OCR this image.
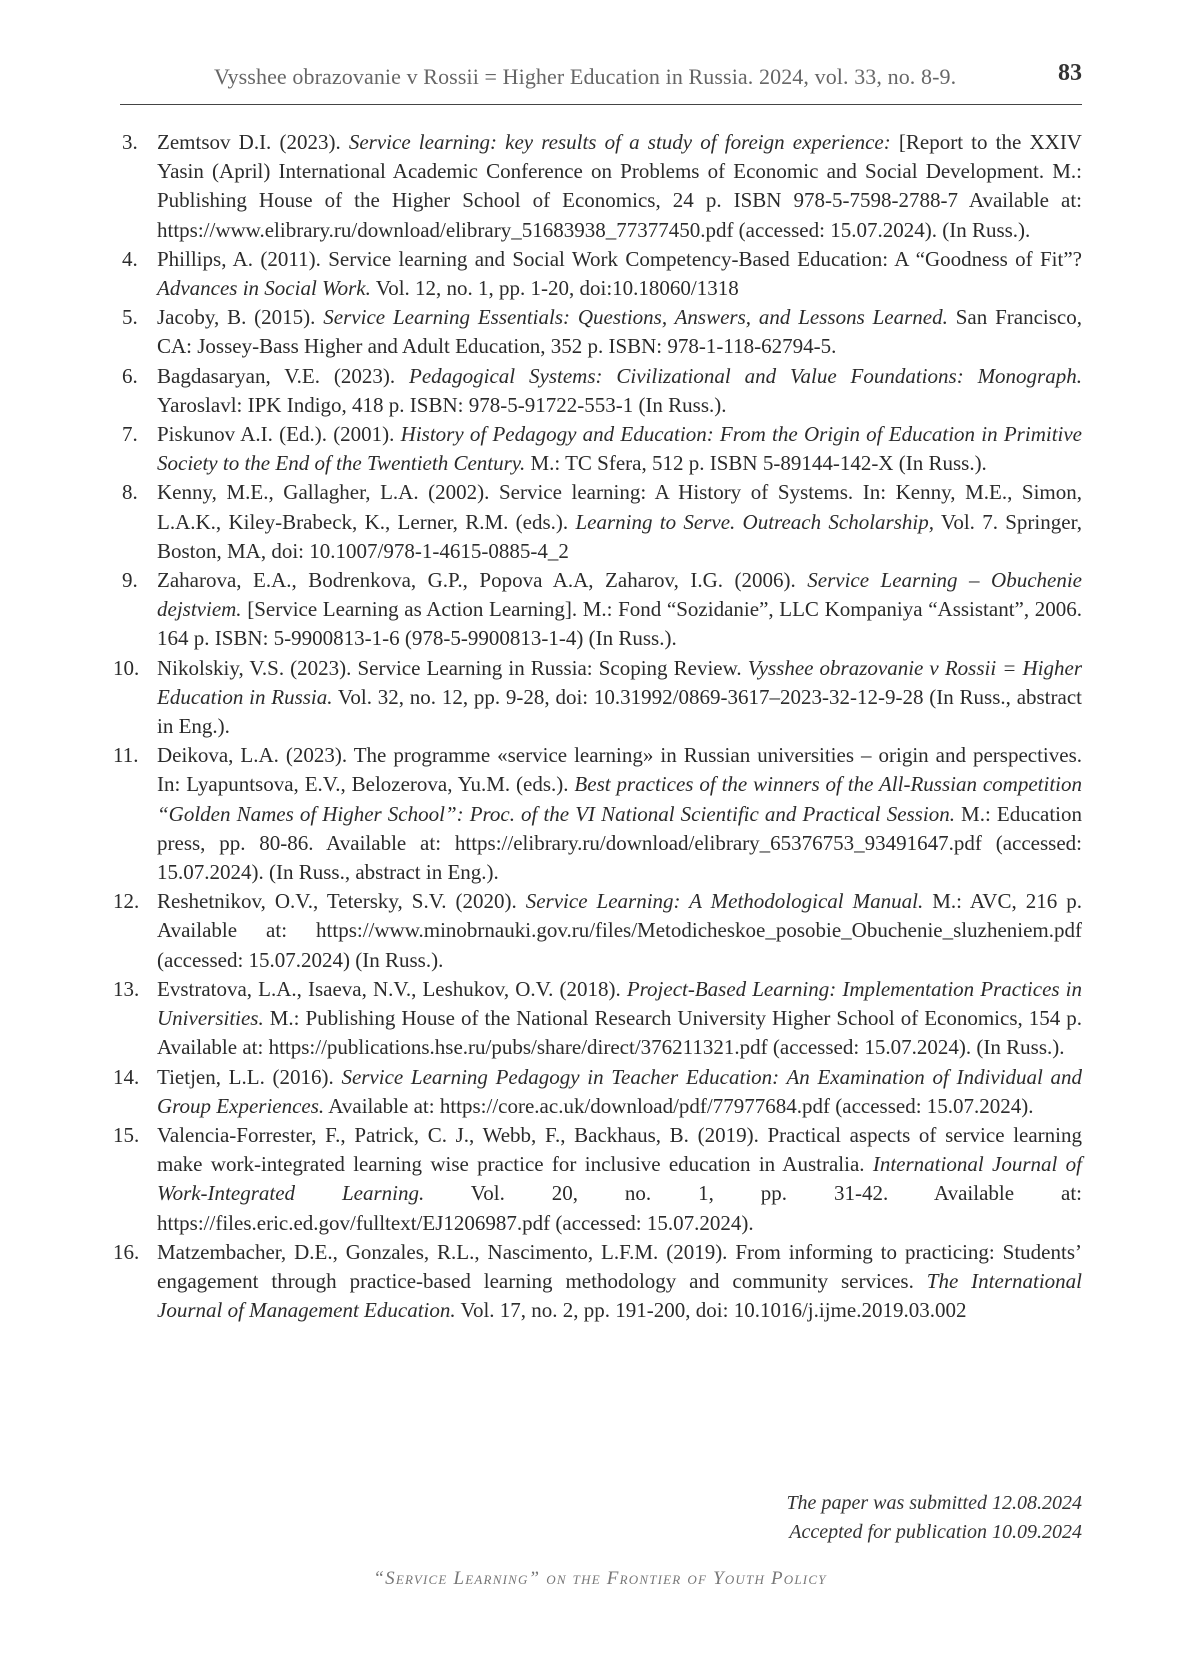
Vysshee obrazovanie v Rossii = Higher Education in Russia. 2024, vol. 33, no. 8-9.	83
3. Zemtsov D.I. (2023). Service learning: key results of a study of foreign experience: [Report to the XXIV Yasin (April) International Academic Conference on Problems of Economic and Social Development. M.: Publishing House of the Higher School of Economics, 24 p. ISBN 978-5-7598-2788-7 Available at: https://www.elibrary.ru/download/elibrary_51683938_77377450.pdf (accessed: 15.07.2024). (In Russ.).
4. Phillips, A. (2011). Service learning and Social Work Competency-Based Education: A “Goodness of Fit”? Advances in Social Work. Vol. 12, no. 1, pp. 1-20, doi:10.18060/1318
5. Jacoby, B. (2015). Service Learning Essentials: Questions, Answers, and Lessons Learned. San Francisco, CA: Jossey-Bass Higher and Adult Education, 352 p. ISBN: 978-1-118-62794-5.
6. Bagdasaryan, V.E. (2023). Pedagogical Systems: Civilizational and Value Foundations: Monograph. Yaroslavl: IPK Indigo, 418 p. ISBN: 978-5-91722-553-1 (In Russ.).
7. Piskunov A.I. (Ed.). (2001). History of Pedagogy and Education: From the Origin of Education in Primitive Society to the End of the Twentieth Century. M.: TC Sfera, 512 p. ISBN 5-89144-142-X (In Russ.).
8. Kenny, M.E., Gallagher, L.A. (2002). Service learning: A History of Systems. In: Kenny, M.E., Simon, L.A.K., Kiley-Brabeck, K., Lerner, R.M. (eds.). Learning to Serve. Outreach Scholarship, Vol. 7. Springer, Boston, MA, doi: 10.1007/978-1-4615-0885-4_2
9. Zaharova, E.A., Bodrenkova, G.P., Popova A.A, Zaharov, I.G. (2006). Service Learning – Obuchenie dejstviem. [Service Learning as Action Learning]. M.: Fond “Sozidanie”, LLC Kompaniya “Assistant”, 2006. 164 p. ISBN: 5-9900813-1-6 (978-5-9900813-1-4) (In Russ.).
10. Nikolskiy, V.S. (2023). Service Learning in Russia: Scoping Review. Vysshee obrazovanie v Rossii = Higher Education in Russia. Vol. 32, no. 12, pp. 9-28, doi: 10.31992/0869-3617–2023-32-12-9-28 (In Russ., abstract in Eng.).
11. Deikova, L.A. (2023). The programme «service learning» in Russian universities – origin and perspectives. In: Lyapuntsova, E.V., Belozerova, Yu.M. (eds.). Best practices of the winners of the All-Russian competition “Golden Names of Higher School”: Proc. of the VI National Scientific and Practical Session. M.: Education press, pp. 80-86. Available at: https://elibrary.ru/download/elibrary_65376753_93491647.pdf (accessed: 15.07.2024). (In Russ., abstract in Eng.).
12. Reshetnikov, O.V., Tetersky, S.V. (2020). Service Learning: A Methodological Manual. M.: AVC, 216 p. Available at: https://www.minobrnauki.gov.ru/files/Metodicheskoe_posobie_Obuchenie_sluzheniem.pdf (accessed: 15.07.2024) (In Russ.).
13. Evstratova, L.A., Isaeva, N.V., Leshukov, O.V. (2018). Project-Based Learning: Implementation Practices in Universities. M.: Publishing House of the National Research University Higher School of Economics, 154 p. Available at: https://publications.hse.ru/pubs/share/direct/376211321.pdf (accessed: 15.07.2024). (In Russ.).
14. Tietjen, L.L. (2016). Service Learning Pedagogy in Teacher Education: An Examination of Individual and Group Experiences. Available at: https://core.ac.uk/download/pdf/77977684.pdf (accessed: 15.07.2024).
15. Valencia-Forrester, F., Patrick, C. J., Webb, F., Backhaus, B. (2019). Practical aspects of service learning make work-integrated learning wise practice for inclusive education in Australia. International Journal of Work-Integrated Learning. Vol. 20, no. 1, pp. 31-42. Available at: https://files.eric.ed.gov/fulltext/EJ1206987.pdf (accessed: 15.07.2024).
16. Matzembacher, D.E., Gonzales, R.L., Nascimento, L.F.M. (2019). From informing to practicing: Students’ engagement through practice-based learning methodology and community services. The International Journal of Management Education. Vol. 17, no. 2, pp. 191-200, doi: 10.1016/j.ijme.2019.03.002
The paper was submitted 12.08.2024
Accepted for publication 10.09.2024
“Service Learning” on the Frontier of Youth Policy
